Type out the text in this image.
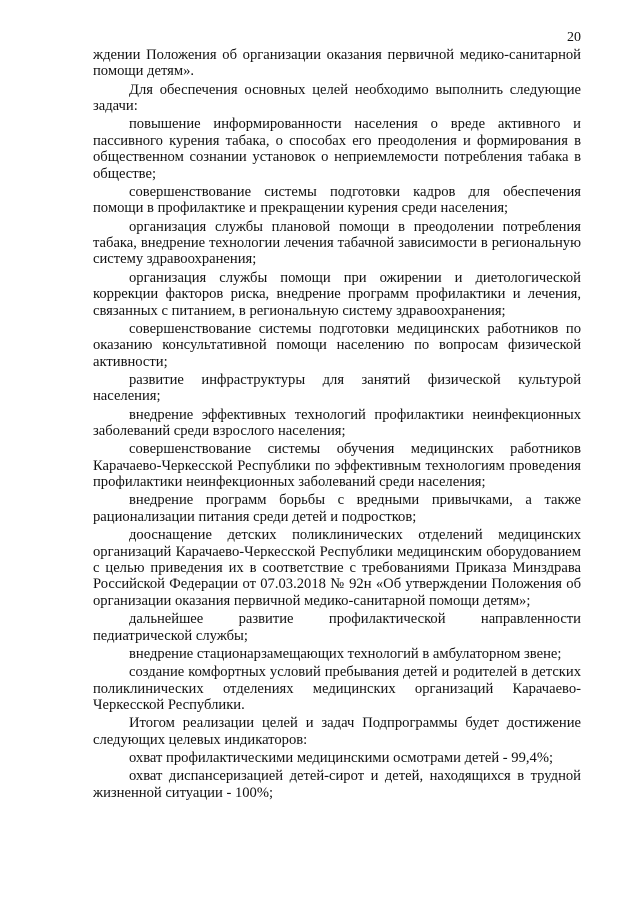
20

ждении Положения об организации оказания первичной медико-санитарной помощи детям».

Для обеспечения основных целей необходимо выполнить следующие задачи:

повышение информированности населения о вреде активного и пассивного курения табака, о способах его преодоления и формирования в общественном сознании установок о неприемлемости потребления табака в обществе;

совершенствование системы подготовки кадров для обеспечения помощи в профилактике и прекращении курения среди населения;

организация службы плановой помощи в преодолении потребления табака, внедрение технологии лечения табачной зависимости в региональную систему здравоохранения;

организация службы помощи при ожирении и диетологической коррекции факторов риска, внедрение программ профилактики и лечения, связанных с питанием, в региональную систему здравоохранения;

совершенствование системы подготовки медицинских работников по оказанию консультативной помощи населению по вопросам физической активности;

развитие инфраструктуры для занятий физической культурой населения;

внедрение эффективных технологий профилактики неинфекционных заболеваний среди взрослого населения;

совершенствование системы обучения медицинских работников Карачаево-Черкесской Республики по эффективным технологиям проведения профилактики неинфекционных заболеваний среди населения;

внедрение программ борьбы с вредными привычками, а также рационализации питания среди детей и подростков;

дооснащение детских поликлинических отделений медицинских организаций Карачаево-Черкесской Республики медицинским оборудованием с целью приведения их в соответствие с требованиями Приказа Минздрава Российской Федерации от 07.03.2018 № 92н «Об утверждении Положения об организации оказания первичной медико-санитарной помощи детям»;

дальнейшее развитие профилактической направленности педиатрической службы;

внедрение стационарзамещающих технологий в амбулаторном звене;

создание комфортных условий пребывания детей и родителей в детских поликлинических отделениях медицинских организаций Карачаево-Черкесской Республики.

Итогом реализации целей и задач Подпрограммы будет достижение следующих целевых индикаторов:

охват профилактическими медицинскими осмотрами детей - 99,4%;

охват диспансеризацией детей-сирот и детей, находящихся в трудной жизненной ситуации - 100%;
